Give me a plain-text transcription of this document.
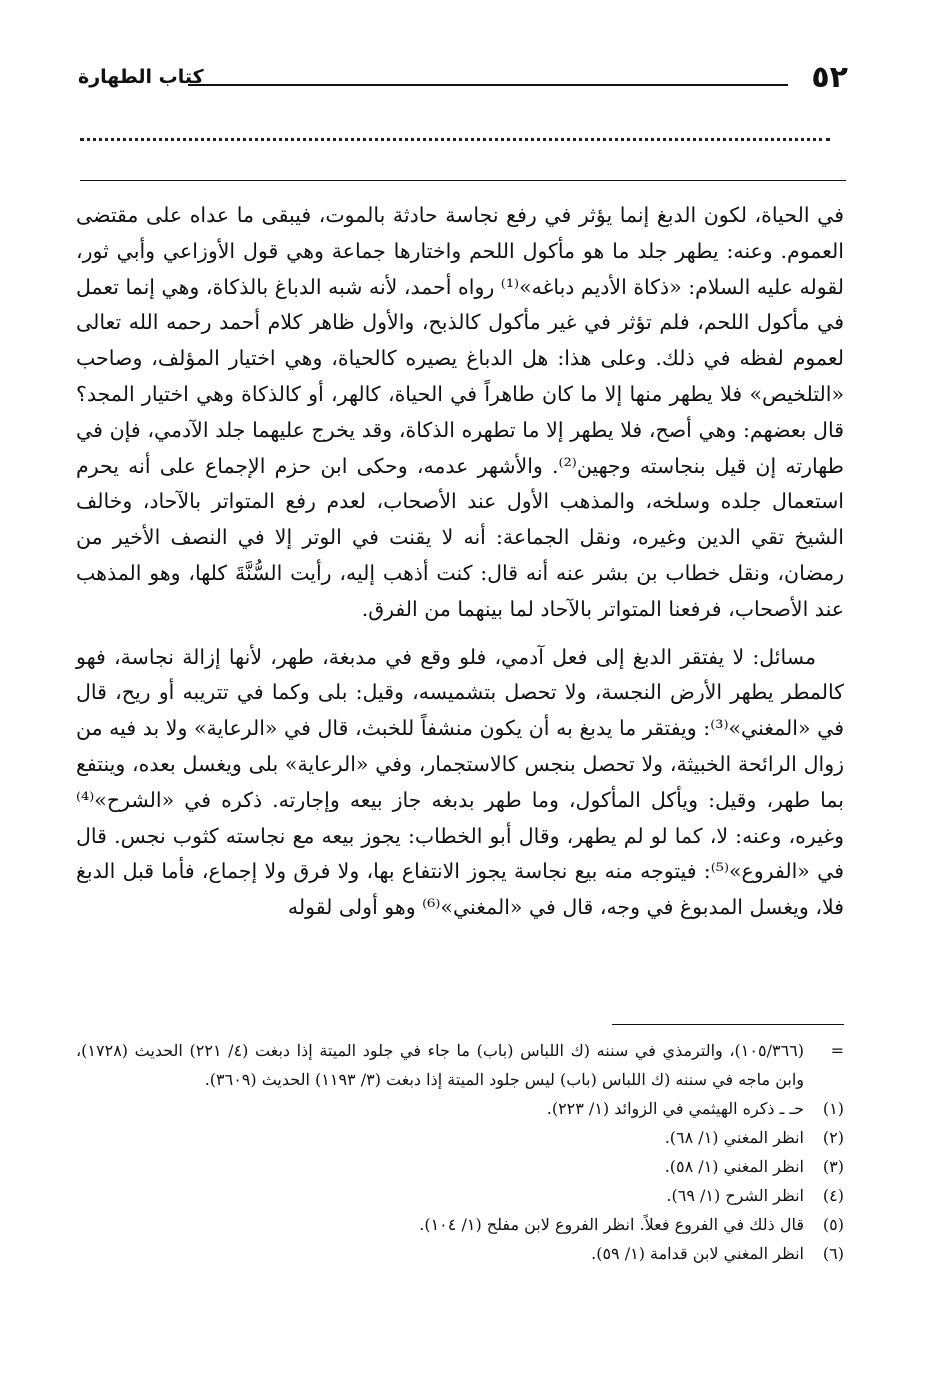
٥٢
كتاب الطهارة

في الحياة، لكون الدبغ إنما يؤثر في رفع نجاسة حادثة بالموت، فيبقى ما عداه على مقتضى العموم. وعنه: يطهر جلد ما هو مأكول اللحم واختارها جماعة وهي قول الأوزاعي وأبي ثور، لقوله عليه السلام: «ذكاة الأديم دباغه»⁽¹⁾ رواه أحمد، لأنه شبه الدباغ بالذكاة، وهي إنما تعمل في مأكول اللحم، فلم تؤثر في غير مأكول كالذبح، والأول ظاهر كلام أحمد رحمه الله تعالى لعموم لفظه في ذلك. وعلى هذا: هل الدباغ يصيره كالحياة، وهي اختيار المؤلف، وصاحب «التلخيص» فلا يطهر منها إلا ما كان طاهراً في الحياة، كالهر، أو كالذكاة وهي اختيار المجد؟ قال بعضهم: وهي أصح، فلا يطهر إلا ما تطهره الذكاة، وقد يخرج عليهما جلد الآدمي، فإن في طهارته إن قيل بنجاسته وجهين⁽²⁾. والأشهر عدمه، وحكى ابن حزم الإجماع على أنه يحرم استعمال جلده وسلخه، والمذهب الأول عند الأصحاب، لعدم رفع المتواتر بالآحاد، وخالف الشيخ تقي الدين وغيره، ونقل الجماعة: أنه لا يقنت في الوتر إلا في النصف الأخير من رمضان، ونقل خطاب بن بشر عنه أنه قال: كنت أذهب إليه، رأيت السُّنَّةَ كلها، وهو المذهب عند الأصحاب، فرفعنا المتواتر بالآحاد لما بينهما من الفرق.

مسائل: لا يفتقر الدبغ إلى فعل آدمي، فلو وقع في مدبغة، طهر، لأنها إزالة نجاسة، فهو كالمطر يطهر الأرض النجسة، ولا تحصل بتشميسه، وقيل: بلى وكما في تتريبه أو ريح، قال في «المغني»⁽³⁾: ويفتقر ما يدبغ به أن يكون منشفاً للخبث، قال في «الرعاية» ولا بد فيه من زوال الرائحة الخبيثة، ولا تحصل بنجس كالاستجمار، وفي «الرعاية» بلى ويغسل بعده، وينتفع بما طهر، وقيل: ويأكل المأكول، وما طهر بدبغه جاز بيعه وإجارته. ذكره في «الشرح»⁽⁴⁾ وغيره، وعنه: لا، كما لو لم يطهر، وقال أبو الخطاب: يجوز بيعه مع نجاسته كثوب نجس. قال في «الفروع»⁽⁵⁾: فيتوجه منه بيع نجاسة يجوز الانتفاع بها، ولا فرق ولا إجماع، فأما قبل الدبغ فلا، ويغسل المدبوغ في وجه، قال في «المغني»⁽⁶⁾ وهو أولى لقوله

=
(١٠٥/٣٦٦)، والترمذي في سننه (ك اللباس (باب) ما جاء في جلود الميتة إذا دبغت (٤/ ٢٢١) الحديث (١٧٢٨)، وابن ماجه في سننه (ك اللباس (باب) ليس جلود الميتة إذا دبغت (٣/ ١١٩٣) الحديث (٣٦٠٩).

(١)
حـ ـ ذكره الهيثمي في الزوائد (١/ ٢٢٣).
(٢)
انظر المغني (١/ ٦٨).
(٣)
انظر المغني (١/ ٥٨).
(٤)
انظر الشرح (١/ ٦٩).
(٥)
قال ذلك في الفروع فعلاً. انظر الفروع لابن مفلح (١/ ١٠٤).
(٦)
انظر المغني لابن قدامة (١/ ٥٩).
